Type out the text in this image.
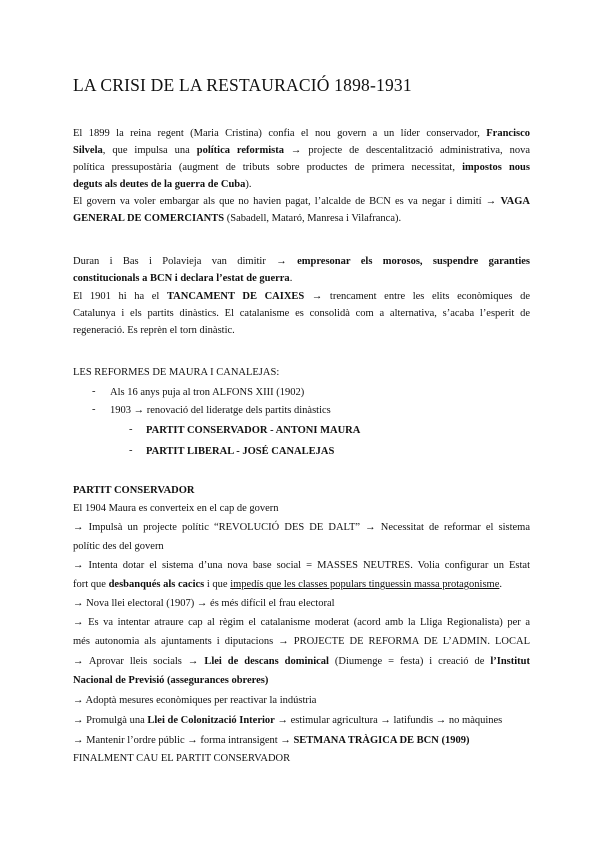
LA CRISI DE LA RESTAURACIÓ 1898-1931
El 1899 la reina regent (Maria Cristina) confia el nou govern a un líder conservador, Francisco
Silvela, que impulsa una política reformista → projecte de descentalització administrativa, nova
política pressupostària (augment de tributs sobre productes de primera necessitat, impostos nous
deguts als deutes de la guerra de Cuba).
El govern va voler embargar als que no havien pagat, l’alcalde de BCN es va negar i dimití → VAGA
GENERAL DE COMERCIANTS (Sabadell, Mataró, Manresa i Vilafranca).
Duran i Bas i Polavieja van dimitir → empresonar els morosos, suspendre garanties
constitucionals a BCN i declara l’estat de guerra.
El 1901 hi ha el TANCAMENT DE CAIXES → trencament entre les elits econòmiques de
Catalunya i els partits dinàstics. El catalanisme es consolidà com a alternativa, s’acaba l’esperit de
regeneració. Es reprèn el torn dinàstic.
LES REFORMES DE MAURA I CANALEJAS:
- Als 16 anys puja al tron ALFONS XIII (1902)
- 1903 → renovació del lideratge dels partits dinàstics
- PARTIT CONSERVADOR - ANTONI MAURA
- PARTIT LIBERAL - JOSÉ CANALEJAS
PARTIT CONSERVADOR
El 1904 Maura es converteix en el cap de govern
→ Impulsà un projecte polític “REVOLUCIÓ DES DE DALT” → Necessitat de reformar el sistema
polític des del govern
→ Intenta dotar el sistema d’una nova base social = MASSES NEUTRES. Volia configurar un Estat
fort que desbanqués als cacics i que impedís que les classes populars tinguessin massa protagonisme.
→ Nova llei electoral (1907) → és més difícil el frau electoral
→ Es va intentar atraure cap al règim el catalanisme moderat (acord amb la Lliga Regionalista) per a
més autonomia als ajuntaments i diputacions → PROJECTE DE REFORMA DE L’ADMIN. LOCAL
→ Aprovar lleis socials → Llei de descans dominical (Diumenge = festa) i creació de l’Institut
Nacional de Previsió (assegurances obreres)
→ Adoptà mesures econòmiques per reactivar la indústria
→ Promulgà una Llei de Colonització Interior → estimular agricultura → latifundis → no màquines
→ Mantenir l’ordre públic → forma intransigent → SETMANA TRÀGICA DE BCN (1909)
FINALMENT CAU EL PARTIT CONSERVADOR
